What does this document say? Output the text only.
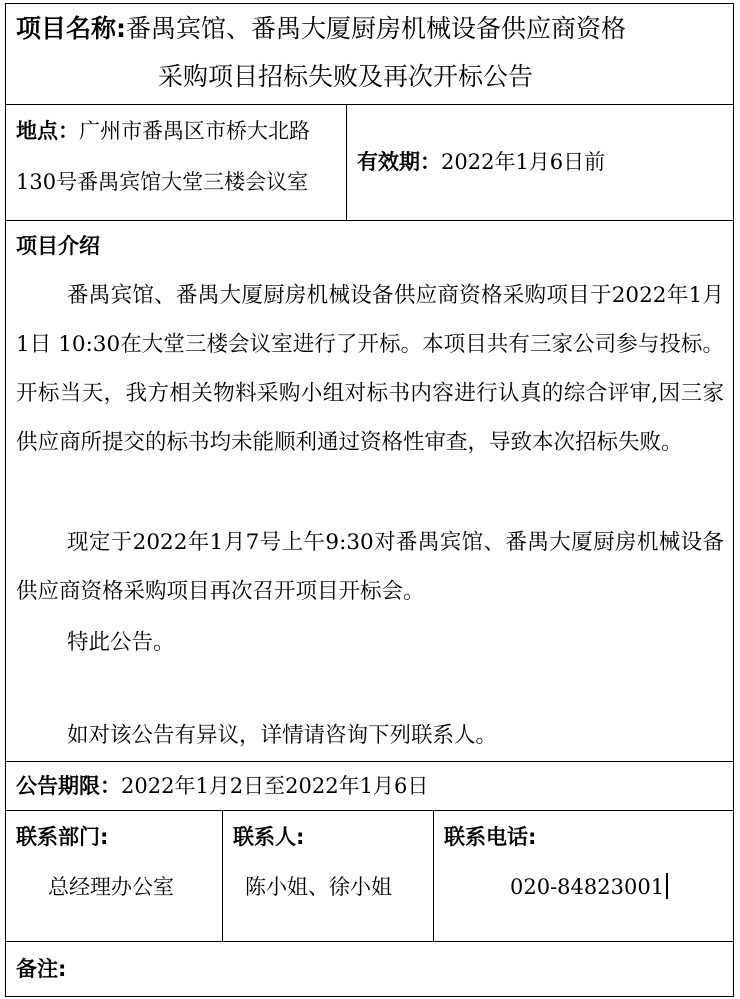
项目名称:番禺宾馆、番禺大厦厨房机械设备供应商资格
采购项目招标失败及再次开标公告
地点：广州市番禺区市桥大北路
130号番禺宾馆大堂三楼会议室
有效期：2022年1月6日前
项目介绍
番禺宾馆、番禺大厦厨房机械设备供应商资格采购项目于2022年1月1日 10:30在大堂三楼会议室进行了开标。本项目共有三家公司参与投标。开标当天，我方相关物料采购小组对标书内容进行认真的综合评审,因三家供应商所提交的标书均未能顺利通过资格性审查，导致本次招标失败。
现定于2022年1月7号上午9:30对番禺宾馆、番禺大厦厨房机械设备供应商资格采购项目再次召开项目开标会。
特此公告。
如对该公告有异议，详情请咨询下列联系人。
公告期限：2022年1月2日至2022年1月6日
联系部门:
总经理办公室
联系人:
陈小姐、徐小姐
联系电话:
020-84823001
备注:
